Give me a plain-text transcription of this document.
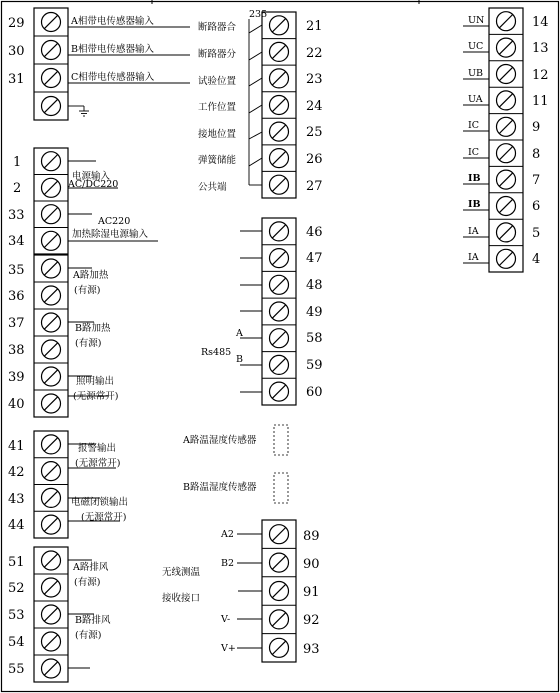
29
30
31
A相带电传感器输入
B相带电传感器输入
C相带电传感器输入
21
22
23
24
25
26
27
235
断路器合
断路器分
试验位置
工作位置
接地位置
弹簧储能
公共端
14
13
12
11
9
8
7
6
5
4
UN
UC
UB
UA
IC
IC
IB
IB
IA
IA
1
2
33
34
电源输入
AC/DC220
AC220
加热除湿电源输入
35
36
37
38
39
40
A路加热
(有源)
B路加热
(有源)
照明输出
(无源常开)
46
47
48
49
58
59
60
A
B
Rs485
41
42
43
44
报警输出
(无源常开)
电磁闭锁输出
(无源常开)
A路温湿度传感器
B路温湿度传感器
89
90
91
92
93
A2
B2
V-
V+
无线测温
接收接口
51
52
53
54
55
A路排风
(有源)
B路排风
(有源)
